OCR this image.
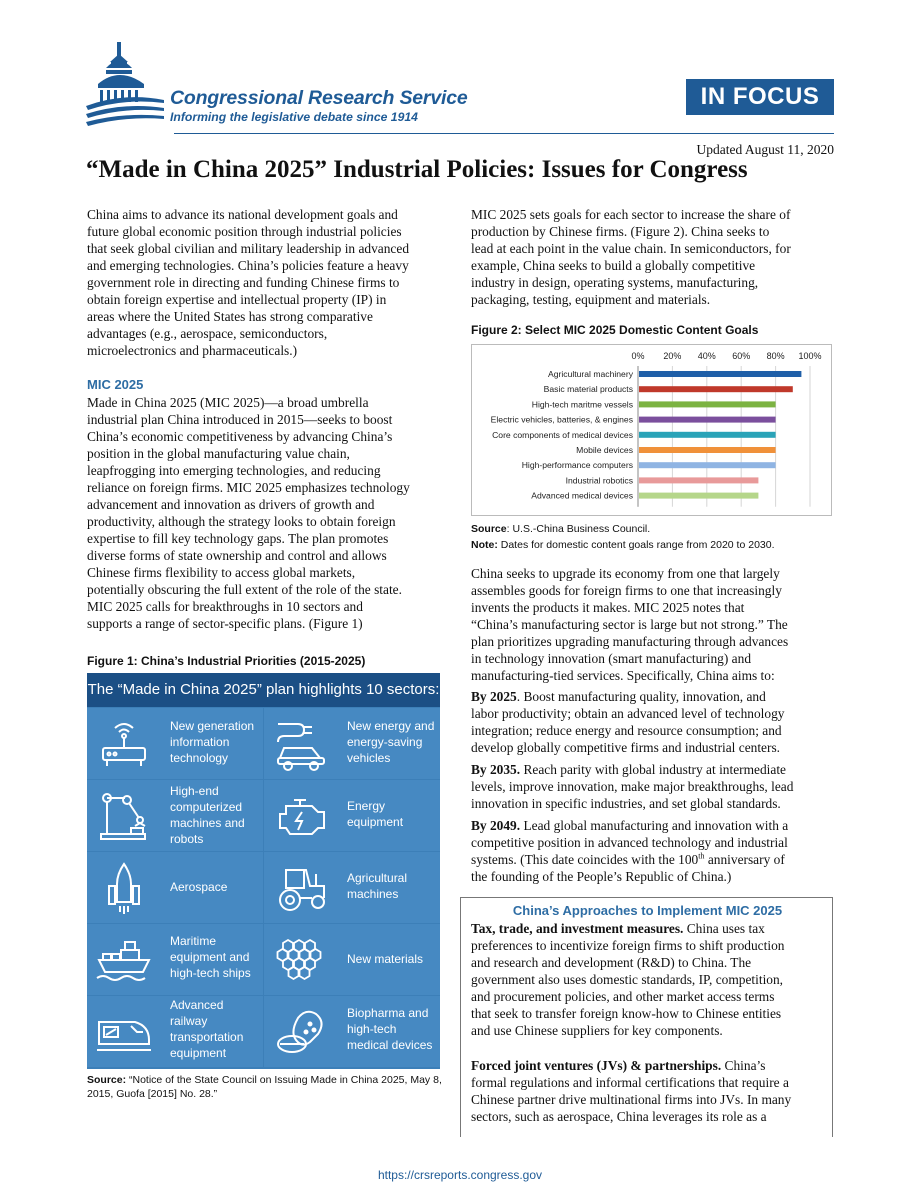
Congressional Research Service
Informing the legislative debate since 1914
IN FOCUS
Updated August 11, 2020
“Made in China 2025” Industrial Policies: Issues for Congress
China aims to advance its national development goals and
future global economic position through industrial policies
that seek global civilian and military leadership in advanced
and emerging technologies. China’s policies feature a heavy
government role in directing and funding Chinese firms to
obtain foreign expertise and intellectual property (IP) in
areas where the United States has strong comparative
advantages (e.g., aerospace, semiconductors,
microelectronics and pharmaceuticals.)
MIC 2025
Made in China 2025 (MIC 2025)—a broad umbrella
industrial plan China introduced in 2015—seeks to boost
China’s economic competitiveness by advancing China’s
position in the global manufacturing value chain,
leapfrogging into emerging technologies, and reducing
reliance on foreign firms. MIC 2025 emphasizes technology
advancement and innovation as drivers of growth and
productivity, although the strategy looks to obtain foreign
expertise to fill key technology gaps. The plan promotes
diverse forms of state ownership and control and allows
Chinese firms flexibility to access global markets,
potentially obscuring the full extent of the role of the state.
MIC 2025 calls for breakthroughs in 10 sectors and
supports a range of sector-specific plans. (Figure 1)
Figure 1: China’s Industrial Priorities (2015-2025)
The “Made in China 2025” plan highlights 10 sectors:
New generation
information
technology
New energy and
energy-saving
vehicles
High-end
computerized
machines and
robots
Energy
equipment
Aerospace
Agricultural
machines
Maritime
equipment and
high-tech ships
New materials
Advanced
railway
transportation
equipment
Biopharma and
high-tech
medical devices
Source: “Notice of the State Council on Issuing Made in China 2025, May 8, 2015, Guofa [2015] No. 28.”
MIC 2025 sets goals for each sector to increase the share of
production by Chinese firms. (Figure 2). China seeks to
lead at each point in the value chain. In semiconductors, for
example, China seeks to build a globally competitive
industry in design, operating systems, manufacturing,
packaging, testing, equipment and materials.
Figure 2: Select MIC 2025 Domestic Content Goals
0% 20% 40% 60% 80% 100%
Agricultural machinery
Basic material products
High-tech maritme vessels
Electric vehicles, batteries, & engines
Core components of medical devices
Mobile devices
High-performance computers
Industrial robotics
Advanced medical devices
Source: U.S.-China Business Council.
Note: Dates for domestic content goals range from 2020 to 2030.
China seeks to upgrade its economy from one that largely
assembles goods for foreign firms to one that increasingly
invents the products it makes. MIC 2025 notes that
“China’s manufacturing sector is large but not strong.” The
plan prioritizes upgrading manufacturing through advances
in technology innovation (smart manufacturing) and
manufacturing-tied services. Specifically, China aims to:
By 2025. Boost manufacturing quality, innovation, and
labor productivity; obtain an advanced level of technology
integration; reduce energy and resource consumption; and
develop globally competitive firms and industrial centers.
By 2035. Reach parity with global industry at intermediate
levels, improve innovation, make major breakthroughs, lead
innovation in specific industries, and set global standards.
By 2049. Lead global manufacturing and innovation with a
competitive position in advanced technology and industrial
systems. (This date coincides with the 100th anniversary of
the founding of the People’s Republic of China.)
China’s Approaches to Implement MIC 2025
Tax, trade, and investment measures. China uses tax
preferences to incentivize foreign firms to shift production
and research and development (R&D) to China. The
government also uses domestic standards, IP, competition,
and procurement policies, and other market access terms
that seek to transfer foreign know-how to Chinese entities
and use Chinese suppliers for key components.
Forced joint ventures (JVs) & partnerships. China’s
formal regulations and informal certifications that require a
Chinese partner drive multinational firms into JVs. In many
sectors, such as aerospace, China leverages its role as a
https://crsreports.congress.gov
